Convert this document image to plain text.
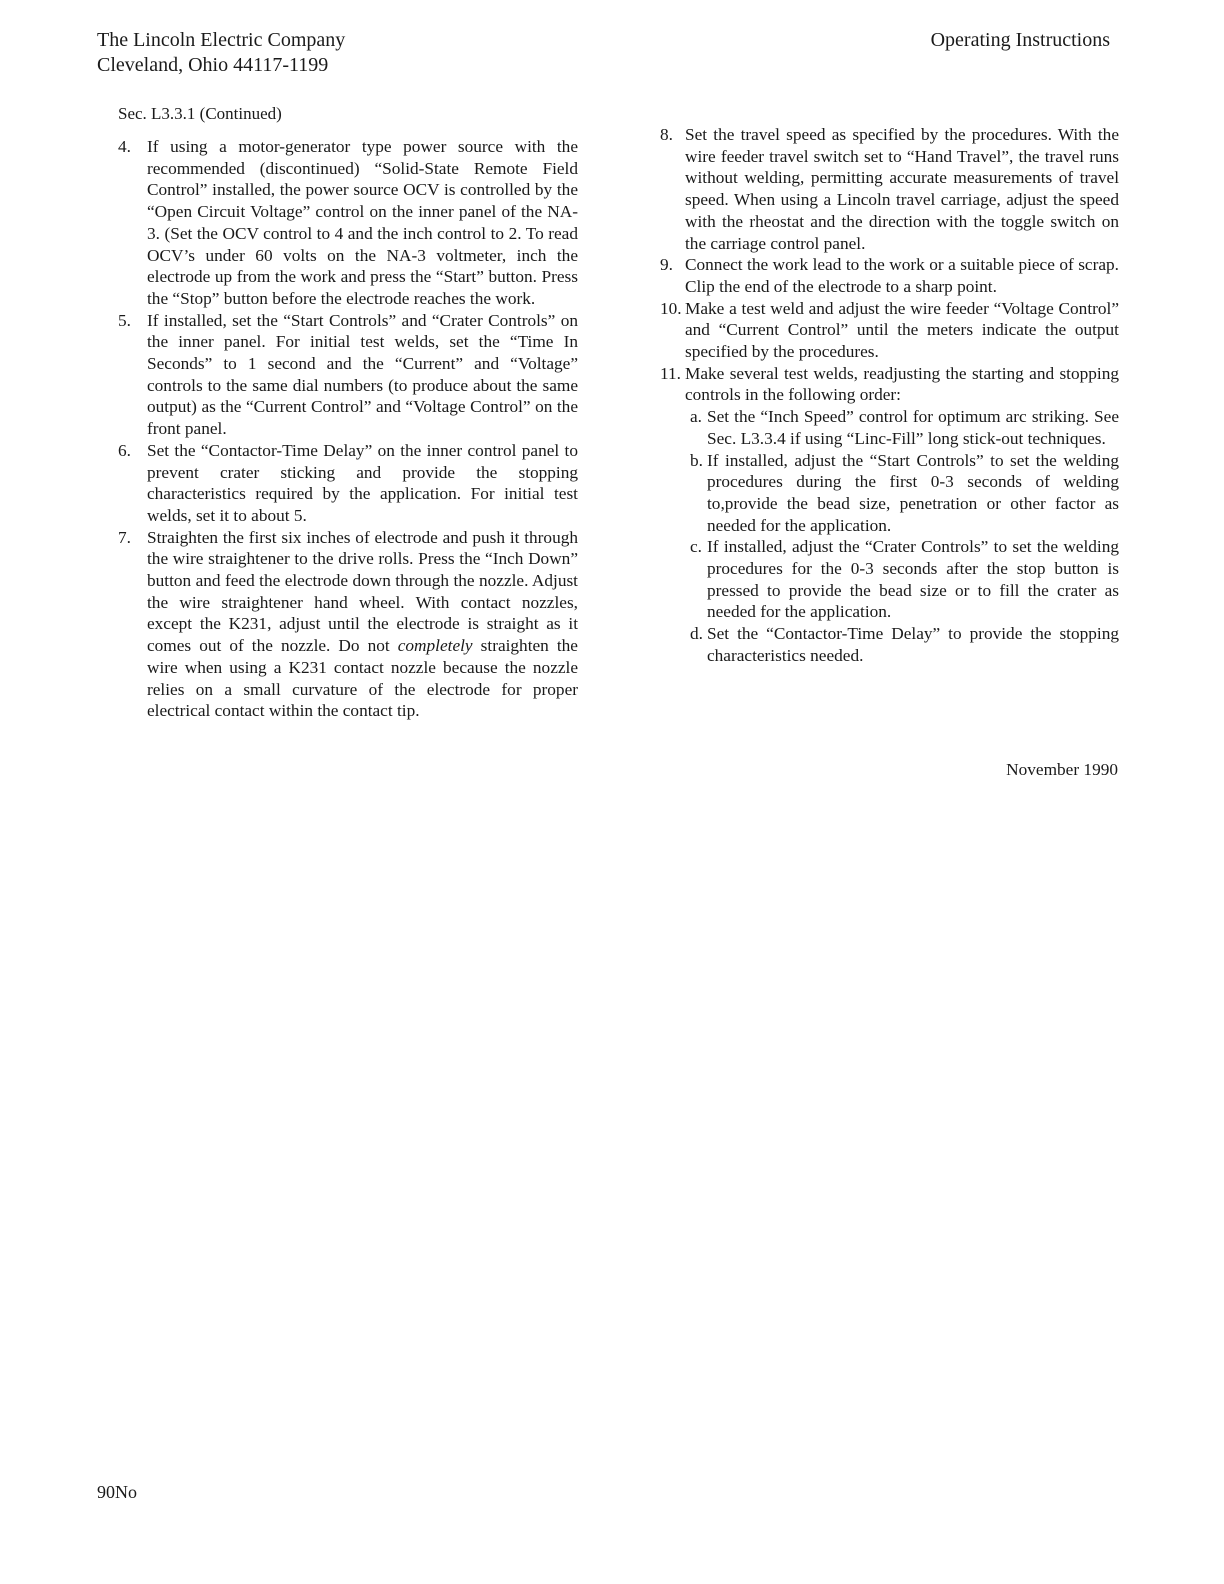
The Lincoln Electric Company
Cleveland, Ohio 44117-1199
Operating Instructions
Sec. L3.3.1 (Continued)
4. If using a motor-generator type power source with the recommended (discontinued) “Solid-State Remote Field Control” installed, the power source OCV is controlled by the “Open Circuit Voltage” control on the inner panel of the NA-3. (Set the OCV control to 4 and the inch control to 2. To read OCV’s under 60 volts on the NA-3 voltmeter, inch the electrode up from the work and press the “Start” button. Press the “Stop” button before the electrode reaches the work.
5. If installed, set the “Start Controls” and “Crater Controls” on the inner panel. For initial test welds, set the “Time In Seconds” to 1 second and the “Current” and “Voltage” controls to the same dial numbers (to produce about the same output) as the “Current Control” and “Voltage Control” on the front panel.
6. Set the “Contactor-Time Delay” on the inner control panel to prevent crater sticking and provide the stopping characteristics required by the application. For initial test welds, set it to about 5.
7. Straighten the first six inches of electrode and push it through the wire straightener to the drive rolls. Press the “Inch Down” button and feed the electrode down through the nozzle. Adjust the wire straightener hand wheel. With contact nozzles, except the K231, adjust until the electrode is straight as it comes out of the nozzle. Do not completely straighten the wire when using a K231 contact nozzle because the nozzle relies on a small curvature of the electrode for proper electrical contact within the contact tip.
8. Set the travel speed as specified by the procedures. With the wire feeder travel switch set to “Hand Travel”, the travel runs without welding, permitting accurate measurements of travel speed. When using a Lincoln travel carriage, adjust the speed with the rheostat and the direction with the toggle switch on the carriage control panel.
9. Connect the work lead to the work or a suitable piece of scrap. Clip the end of the electrode to a sharp point.
10. Make a test weld and adjust the wire feeder “Voltage Control” and “Current Control” until the meters indicate the output specified by the procedures.
11. Make several test welds, readjusting the starting and stopping controls in the following order:
a. Set the “Inch Speed” control for optimum arc striking. See Sec. L3.3.4 if using “Linc-Fill” long stick-out techniques.
b. If installed, adjust the “Start Controls” to set the welding procedures during the first 0-3 seconds of welding to,provide the bead size, penetration or other factor as needed for the application.
c. If installed, adjust the “Crater Controls” to set the welding procedures for the 0-3 seconds after the stop button is pressed to provide the bead size or to fill the crater as needed for the application.
d. Set the “Contactor-Time Delay” to provide the stopping characteristics needed.
November 1990
90No
